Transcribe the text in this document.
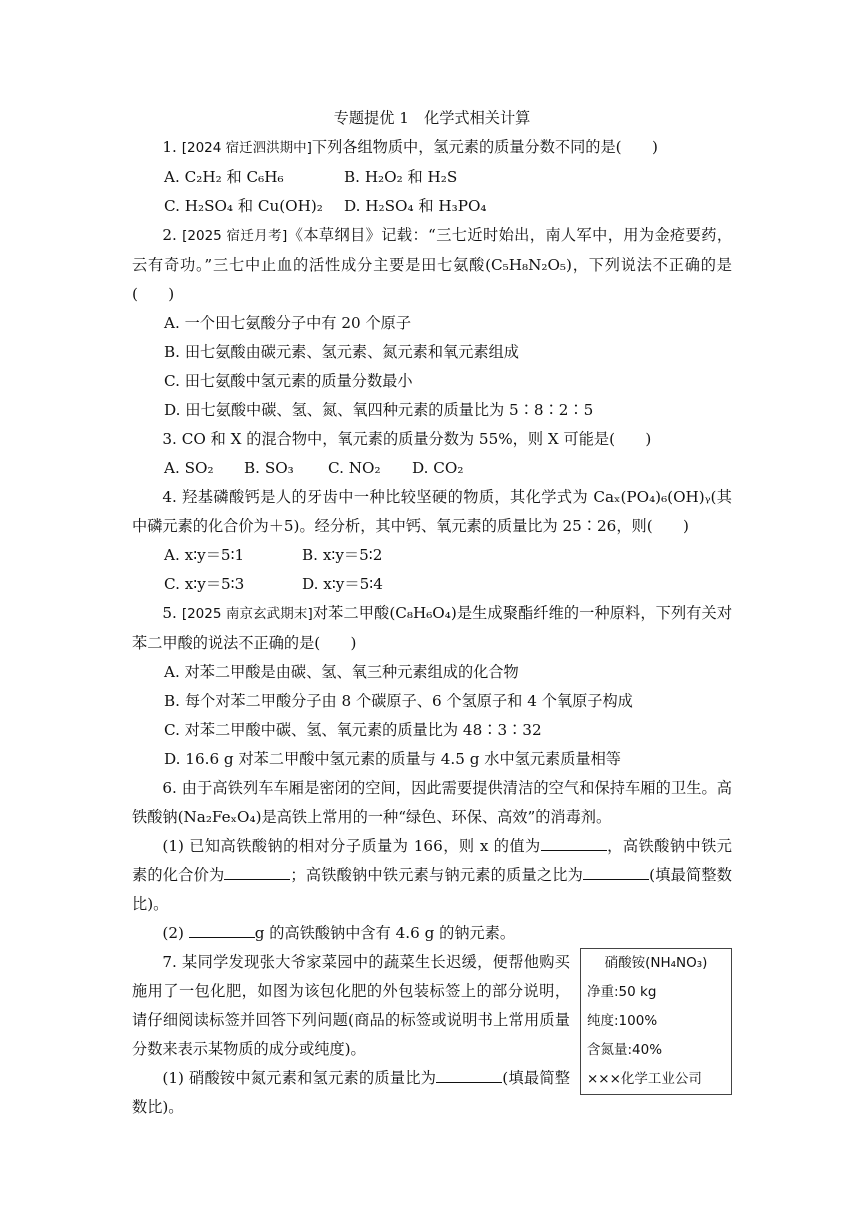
专题提优 1　化学式相关计算

1. [2024 宿迁泗洪期中]下列各组物质中，氢元素的质量分数不同的是(　　)

A. C₂H₂ 和 C₆H₆	B. H₂O₂ 和 H₂S

C. H₂SO₄ 和 Cu(OH)₂ D. H₂SO₄ 和 H₃PO₄

2. [2025 宿迁月考]《本草纲目》记载：“三七近时始出，南人军中，用为金疮要药，云有奇功。”三七中止血的活性成分主要是田七氨酸(C₅H₈N₂O₅)，下列说法不正确的是(　　)

A. 一个田七氨酸分子中有 20 个原子

B. 田七氨酸由碳元素、氢元素、氮元素和氧元素组成

C. 田七氨酸中氢元素的质量分数最小

D. 田七氨酸中碳、氢、氮、氧四种元素的质量比为 5∶8∶2∶5

3. CO 和 X 的混合物中，氧元素的质量分数为 55%，则 X 可能是(　　)

A. SO₂ B. SO₃ C. NO₂ D. CO₂

4. 羟基磷酸钙是人的牙齿中一种比较坚硬的物质，其化学式为 Caₓ(PO₄)₆(OH)ᵧ(其中磷元素的化合价为＋5)。经分析，其中钙、氧元素的质量比为 25∶26，则(　　)

A. x∶y＝5∶1	B. x∶y＝5∶2

C. x∶y＝5∶3	D. x∶y＝5∶4

5. [2025 南京玄武期末]对苯二甲酸(C₈H₆O₄)是生成聚酯纤维的一种原料，下列有关对苯二甲酸的说法不正确的是(　　)

A. 对苯二甲酸是由碳、氢、氧三种元素组成的化合物

B. 每个对苯二甲酸分子由 8 个碳原子、6 个氢原子和 4 个氧原子构成

C. 对苯二甲酸中碳、氢、氧元素的质量比为 48∶3∶32

D. 16.6 g 对苯二甲酸中氢元素的质量与 4.5 g 水中氢元素质量相等

6. 由于高铁列车车厢是密闭的空间，因此需要提供清洁的空气和保持车厢的卫生。高铁酸钠(Na₂FeₓO₄)是高铁上常用的一种“绿色、环保、高效”的消毒剂。

(1) 已知高铁酸钠的相对分子质量为 166，则 x 的值为	，高铁酸钠中铁元素的化合价为	；高铁酸钠中铁元素与钠元素的质量之比为	(填最简整数比)。

(2)	g 的高铁酸钠中含有 4.6 g 的钠元素。

7. 某同学发现张大爷家菜园中的蔬菜生长迟缓，便帮他购买施用了一包化肥，如图为该包化肥的外包装标签上的部分说明，请仔细阅读标签并回答下列问题(商品的标签或说明书上常用质量分数来表示某物质的成分或纯度)。

(1) 硝酸铵中氮元素和氢元素的质量比为	(填最简整数比)。

硝酸铵(NH₄NO₃)
净重:50 kg
纯度:100%
含氮量:40%
×××化学工业公司
